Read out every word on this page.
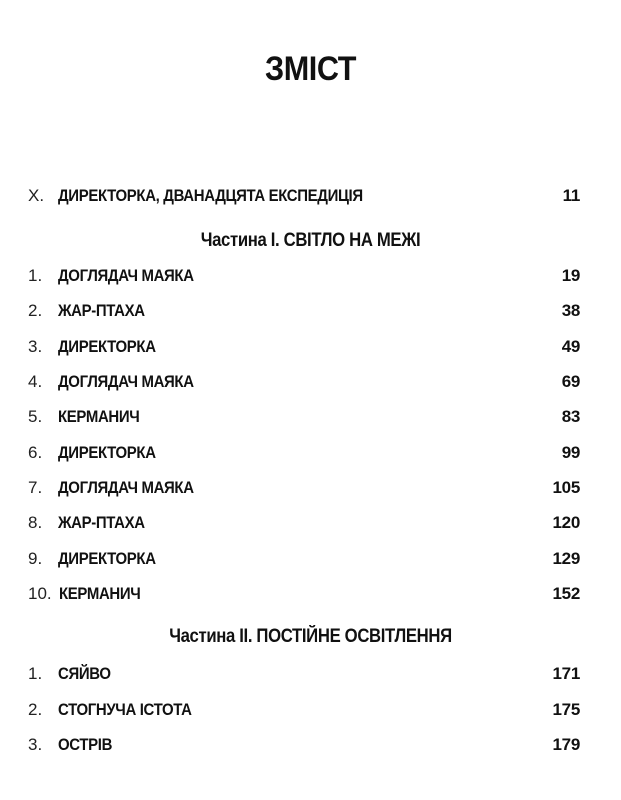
ЗМІСТ
X. ДИРЕКТОРКА, ДВАНАДЦЯТА ЕКСПЕДИЦІЯ	11
Частина І. СВІТЛО НА МЕЖІ
1. ДОГЛЯДАЧ МАЯКА	19
2. ЖАР-ПТАХА	38
3. ДИРЕКТОРКА	49
4. ДОГЛЯДАЧ МАЯКА	69
5. КЕРМАНИЧ	83
6. ДИРЕКТОРКА	99
7. ДОГЛЯДАЧ МАЯКА	105
8. ЖАР-ПТАХА	120
9. ДИРЕКТОРКА	129
10. КЕРМАНИЧ	152
Частина ІІ. ПОСТІЙНЕ ОСВІТЛЕННЯ
1. СЯЙВО	171
2. СТОГНУЧА ІСТОТА	175
3. ОСТРІВ	179
